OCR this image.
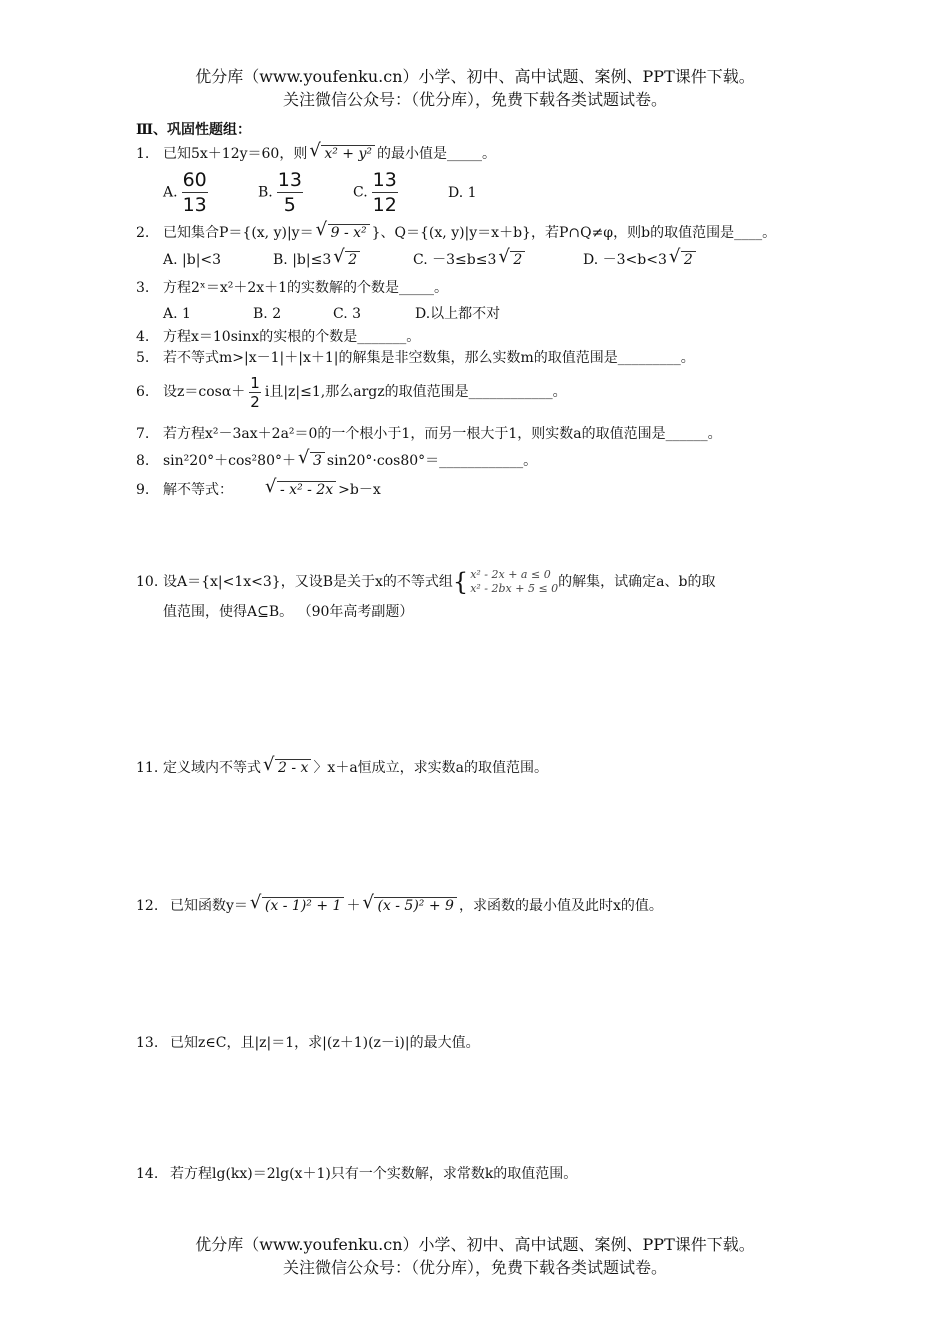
优分库（www.youfenku.cn）小学、初中、高中试题、案例、PPT课件下载。
关注微信公众号：（优分库），免费下载各类试题试卷。
Ⅲ、巩固性题组：
1. 已知5x＋12y＝60，则 √ x² + y² 的最小值是_____。
A. $\frac{60}{13}$	B. $\frac{13}{5}$	C. $\frac{13}{12}$	D. 1
2. 已知集合P＝{(x, y)|y＝ √ 9 - x² }、Q＝{(x, y)|y＝x＋b}，若P∩Q≠φ，则b的取值范围是____。
A. |b|<3	B. |b|≤3 √ 2	C. －3≤b≤3 √ 2	D. －3<b<3 √ 2
3. 方程2ˣ＝x²＋2x＋1的实数解的个数是_____。
A. 1	B. 2	C. 3	D.以上都不对
4. 方程x＝10sinx的实根的个数是_______。
5. 若不等式m>|x－1|＋|x＋1|的解集是非空数集，那么实数m的取值范围是_________。
6. 设$z=\cos\alpha+ \frac{1}{2}$ i且|z|≤1,那么argz的取值范围是____________。
7. 若方程x²－3ax＋2a²＝0的一个根小于1，而另一根大于1，则实数a的取值范围是______。
8. sin²20°＋cos²80°＋ √ 3 sin20°·cos80°＝____________。
9. 解不等式： √ - x² - 2x >b－x
10. 设A＝{x|<1x<3}，又设B是关于x的不等式组{ x² - 2x + a ≤ 0
x² - 2bx + 5 ≤ 0 的解集，试确定a、b的取
值范围，使得A⊆B。 （90年高考副题）
11. 定义域内不等式 √ 2 - x 〉x＋a恒成立，求实数a的取值范围。
12. 已知函数y＝ √ (x - 1)² + 1 ＋ √ (x - 5)² + 9 ，求函数的最小值及此时x的值。
13. 已知z∈C，且|z|＝1，求|(z＋1)(z－i)|的最大值。
14. 若方程lg(kx)＝2lg(x＋1)只有一个实数解，求常数k的取值范围。
优分库（www.youfenku.cn）小学、初中、高中试题、案例、PPT课件下载。
关注微信公众号：（优分库），免费下载各类试题试卷。
